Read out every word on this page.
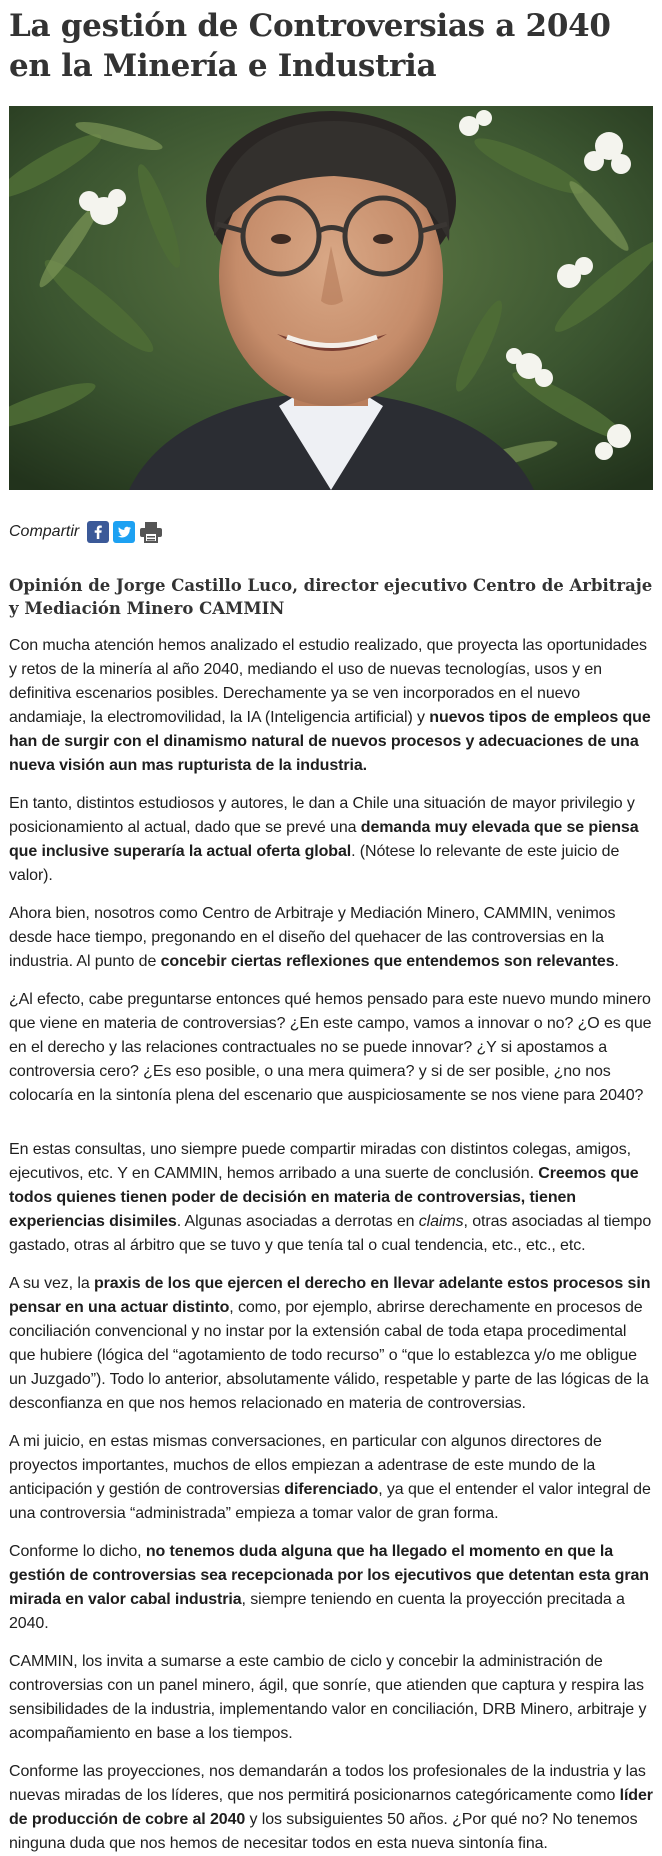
La gestión de Controversias a 2040 en la Minería e Industria
Compartir
Opinión de Jorge Castillo Luco, director ejecutivo Centro de Arbitraje y Mediación Minero CAMMIN

Con mucha atención hemos analizado el estudio realizado, que proyecta las oportunidades y retos de la minería al año 2040, mediando el uso de nuevas tecnologías, usos y en definitiva escenarios posibles. Derechamente ya se ven incorporados en el nuevo andamiaje, la electromovilidad, la IA (Inteligencia artificial) y nuevos tipos de empleos que han de surgir con el dinamismo natural de nuevos procesos y adecuaciones de una nueva visión aun mas rupturista de la industria.

En tanto, distintos estudiosos y autores, le dan a Chile una situación de mayor privilegio y posicionamiento al actual, dado que se prevé una demanda muy elevada que se piensa que inclusive superaría la actual oferta global. (Nótese lo relevante de este juicio de valor).

Ahora bien, nosotros como Centro de Arbitraje y Mediación Minero, CAMMIN, venimos desde hace tiempo, pregonando en el diseño del quehacer de las controversias en la industria. Al punto de concebir ciertas reflexiones que entendemos son relevantes.

¿Al efecto, cabe preguntarse entonces qué hemos pensado para este nuevo mundo minero que viene en materia de controversias? ¿En este campo, vamos a innovar o no? ¿O es que en el derecho y las relaciones contractuales no se puede innovar? ¿Y si apostamos a controversia cero? ¿Es eso posible, o una mera quimera? y si de ser posible, ¿no nos colocaría en la sintonía plena del escenario que auspiciosamente se nos viene para 2040?

En estas consultas, uno siempre puede compartir miradas con distintos colegas, amigos, ejecutivos, etc. Y en CAMMIN, hemos arribado a una suerte de conclusión. Creemos que todos quienes tienen poder de decisión en materia de controversias, tienen experiencias disimiles. Algunas asociadas a derrotas en claims, otras asociadas al tiempo gastado, otras al árbitro que se tuvo y que tenía tal o cual tendencia, etc., etc., etc.

A su vez, la praxis de los que ejercen el derecho en llevar adelante estos procesos sin pensar en una actuar distinto, como, por ejemplo, abrirse derechamente en procesos de conciliación convencional y no instar por la extensión cabal de toda etapa procedimental que hubiere (lógica del “agotamiento de todo recurso” o “que lo establezca y/o me obligue un Juzgado”). Todo lo anterior, absolutamente válido, respetable y parte de las lógicas de la desconfianza en que nos hemos relacionado en materia de controversias.

A mi juicio, en estas mismas conversaciones, en particular con algunos directores de proyectos importantes, muchos de ellos empiezan a adentrase de este mundo de la anticipación y gestión de controversias diferenciado, ya que el entender el valor integral de una controversia “administrada” empieza a tomar valor de gran forma.

Conforme lo dicho, no tenemos duda alguna que ha llegado el momento en que la gestión de controversias sea recepcionada por los ejecutivos que detentan esta gran mirada en valor cabal industria, siempre teniendo en cuenta la proyección precitada a 2040.

CAMMIN, los invita a sumarse a este cambio de ciclo y concebir la administración de controversias con un panel minero, ágil, que sonríe, que atienden que captura y respira las sensibilidades de la industria, implementando valor en conciliación, DRB Minero, arbitraje y acompañamiento en base a los tiempos.

Conforme las proyecciones, nos demandarán a todos los profesionales de la industria y las nuevas miradas de los líderes, que nos permitirá posicionarnos categóricamente como líder de producción de cobre al 2040 y los subsiguientes 50 años. ¿Por qué no? No tenemos ninguna duda que nos hemos de necesitar todos en esta nueva sintonía fina.
